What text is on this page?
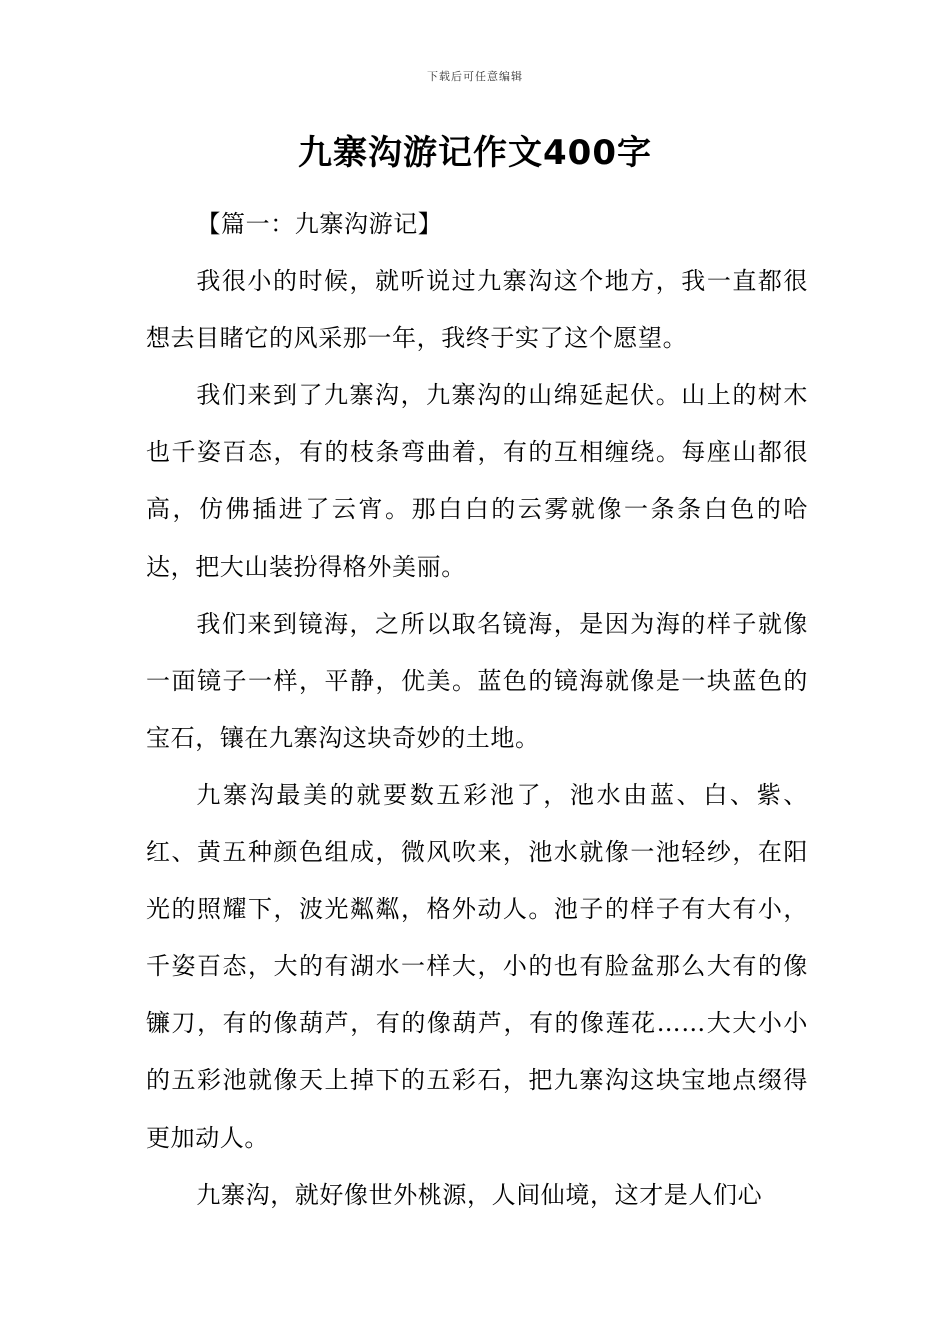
下载后可任意编辑
九寨沟游记作文400字

【篇一：九寨沟游记】

我很小的时候，就听说过九寨沟这个地方，我一直都很想去目睹它的风采那一年，我终于实了这个愿望。

我们来到了九寨沟，九寨沟的山绵延起伏。山上的树木也千姿百态，有的枝条弯曲着，有的互相缠绕。每座山都很高，仿佛插进了云宵。那白白的云雾就像一条条白色的哈达，把大山装扮得格外美丽。

我们来到镜海，之所以取名镜海，是因为海的样子就像一面镜子一样，平静，优美。蓝色的镜海就像是一块蓝色的宝石，镶在九寨沟这块奇妙的土地。

九寨沟最美的就要数五彩池了，池水由蓝、白、紫、红、黄五种颜色组成，微风吹来，池水就像一池轻纱，在阳光的照耀下，波光粼粼，格外动人。池子的样子有大有小，千姿百态，大的有湖水一样大，小的也有脸盆那么大有的像镰刀，有的像葫芦，有的像葫芦，有的像莲花……大大小小的五彩池就像天上掉下的五彩石，把九寨沟这块宝地点缀得更加动人。

九寨沟，就好像世外桃源，人间仙境，这才是人们心
